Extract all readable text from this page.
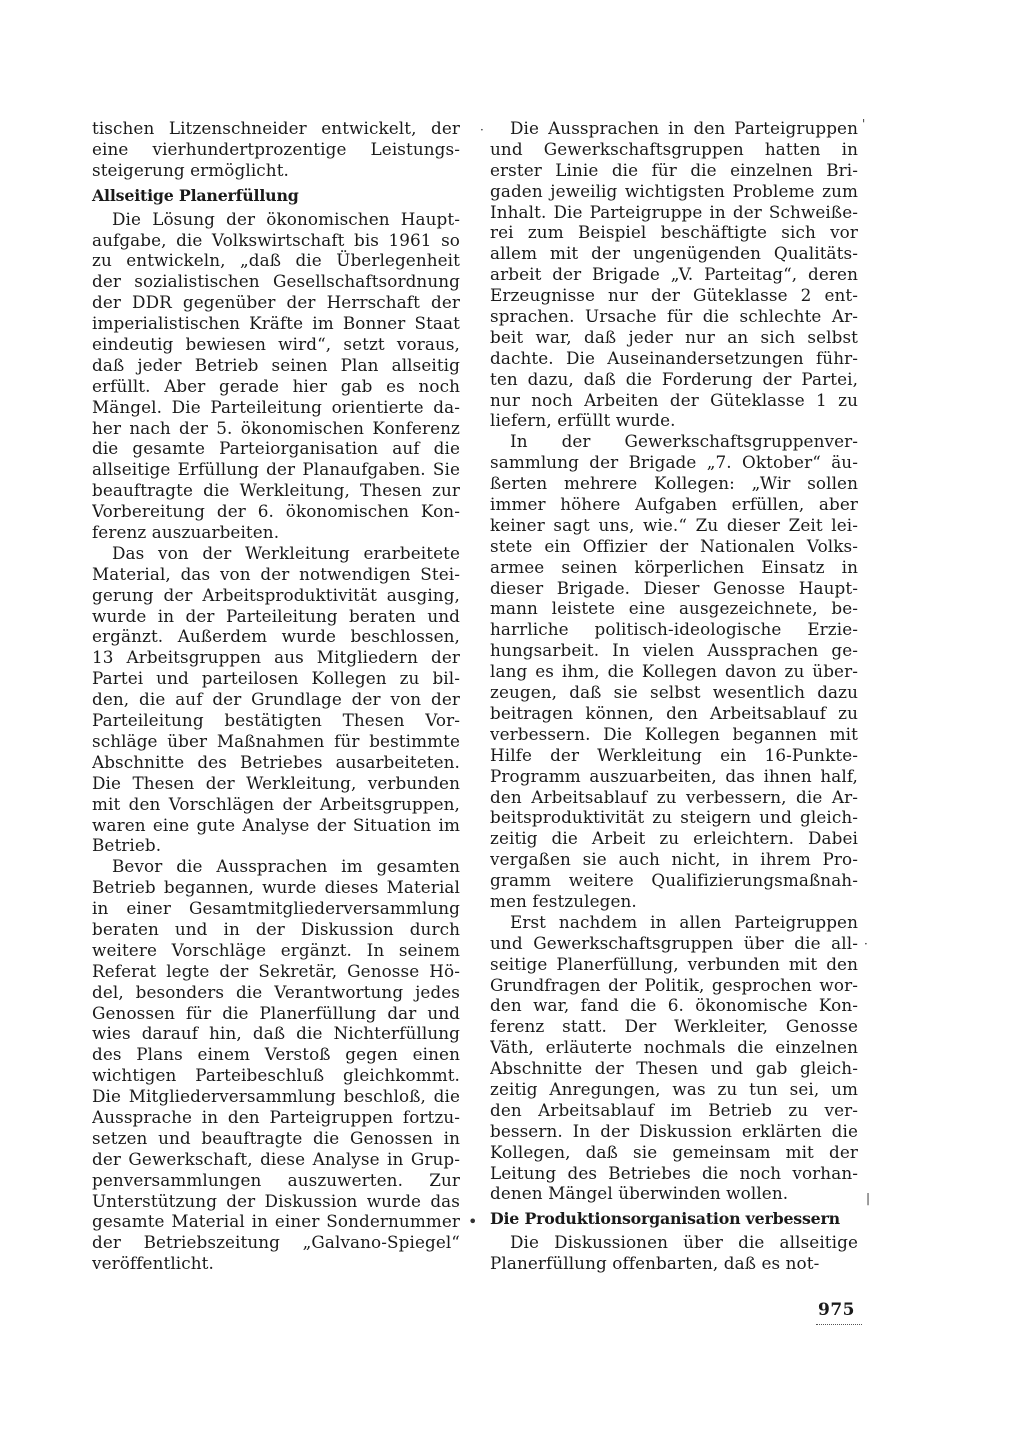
tischen Litzenschneider entwickelt, der
eine vierhundertprozentige Leistungs-
steigerung ermöglicht.
Allseitige Planerfüllung
Die Lösung der ökonomischen Haupt-
aufgabe, die Volkswirtschaft bis 1961 so
zu entwickeln, „daß die Überlegenheit
der sozialistischen Gesellschaftsordnung
der DDR gegenüber der Herrschaft der
imperialistischen Kräfte im Bonner Staat
eindeutig bewiesen wird“, setzt voraus,
daß jeder Betrieb seinen Plan allseitig
erfüllt. Aber gerade hier gab es noch
Mängel. Die Parteileitung orientierte da-
her nach der 5. ökonomischen Konferenz
die gesamte Parteiorganisation auf die
allseitige Erfüllung der Planaufgaben. Sie
beauftragte die Werkleitung, Thesen zur
Vorbereitung der 6. ökonomischen Kon-
ferenz auszuarbeiten.
Das von der Werkleitung erarbeitete
Material, das von der notwendigen Stei-
gerung der Arbeitsproduktivität ausging,
wurde in der Parteileitung beraten und
ergänzt. Außerdem wurde beschlossen,
13 Arbeitsgruppen aus Mitgliedern der
Partei und parteilosen Kollegen zu bil-
den, die auf der Grundlage der von der
Parteileitung bestätigten Thesen Vor-
schläge über Maßnahmen für bestimmte
Abschnitte des Betriebes ausarbeiteten.
Die Thesen der Werkleitung, verbunden
mit den Vorschlägen der Arbeitsgruppen,
waren eine gute Analyse der Situation im
Betrieb.
Bevor die Aussprachen im gesamten
Betrieb begannen, wurde dieses Material
in einer Gesamtmitgliederversammlung
beraten und in der Diskussion durch
weitere Vorschläge ergänzt. In seinem
Referat legte der Sekretär, Genosse Hö-
del, besonders die Verantwortung jedes
Genossen für die Planerfüllung dar und
wies darauf hin, daß die Nichterfüllung
des Plans einem Verstoß gegen einen
wichtigen Parteibeschluß gleichkommt.
Die Mitgliederversammlung beschloß, die
Aussprache in den Parteigruppen fortzu-
setzen und beauftragte die Genossen in
der Gewerkschaft, diese Analyse in Grup-
penversammlungen auszuwerten. Zur
Unterstützung der Diskussion wurde das
gesamte Material in einer Sondernummer
der Betriebszeitung „Galvano-Spiegel“
veröffentlicht.
Die Aussprachen in den Parteigruppen
und Gewerkschaftsgruppen hatten in
erster Linie die für die einzelnen Bri-
gaden jeweilig wichtigsten Probleme zum
Inhalt. Die Parteigruppe in der Schweiße-
rei zum Beispiel beschäftigte sich vor
allem mit der ungenügenden Qualitäts-
arbeit der Brigade „V. Parteitag“, deren
Erzeugnisse nur der Güteklasse 2 ent-
sprachen. Ursache für die schlechte Ar-
beit war, daß jeder nur an sich selbst
dachte. Die Auseinandersetzungen führ-
ten dazu, daß die Forderung der Partei,
nur noch Arbeiten der Güteklasse 1 zu
liefern, erfüllt wurde.
In der Gewerkschaftsgruppenver-
sammlung der Brigade „7. Oktober“ äu-
ßerten mehrere Kollegen: „Wir sollen
immer höhere Aufgaben erfüllen, aber
keiner sagt uns, wie.“ Zu dieser Zeit lei-
stete ein Offizier der Nationalen Volks-
armee seinen körperlichen Einsatz in
dieser Brigade. Dieser Genosse Haupt-
mann leistete eine ausgezeichnete, be-
harrliche politisch-ideologische Erzie-
hungsarbeit. In vielen Aussprachen ge-
lang es ihm, die Kollegen davon zu über-
zeugen, daß sie selbst wesentlich dazu
beitragen können, den Arbeitsablauf zu
verbessern. Die Kollegen begannen mit
Hilfe der Werkleitung ein 16-Punkte-
Programm auszuarbeiten, das ihnen half,
den Arbeitsablauf zu verbessern, die Ar-
beitsproduktivität zu steigern und gleich-
zeitig die Arbeit zu erleichtern. Dabei
vergaßen sie auch nicht, in ihrem Pro-
gramm weitere Qualifizierungsmaßnah-
men festzulegen.
Erst nachdem in allen Parteigruppen
und Gewerkschaftsgruppen über die all-
seitige Planerfüllung, verbunden mit den
Grundfragen der Politik, gesprochen wor-
den war, fand die 6. ökonomische Kon-
ferenz statt. Der Werkleiter, Genosse
Väth, erläuterte nochmals die einzelnen
Abschnitte der Thesen und gab gleich-
zeitig Anregungen, was zu tun sei, um
den Arbeitsablauf im Betrieb zu ver-
bessern. In der Diskussion erklärten die
Kollegen, daß sie gemeinsam mit der
Leitung des Betriebes die noch vorhan-
denen Mängel überwinden wollen.
Die Produktionsorganisation verbessern
Die Diskussionen über die allseitige
Planerfüllung offenbarten, daß es not-
975
'
·
·
|
•
